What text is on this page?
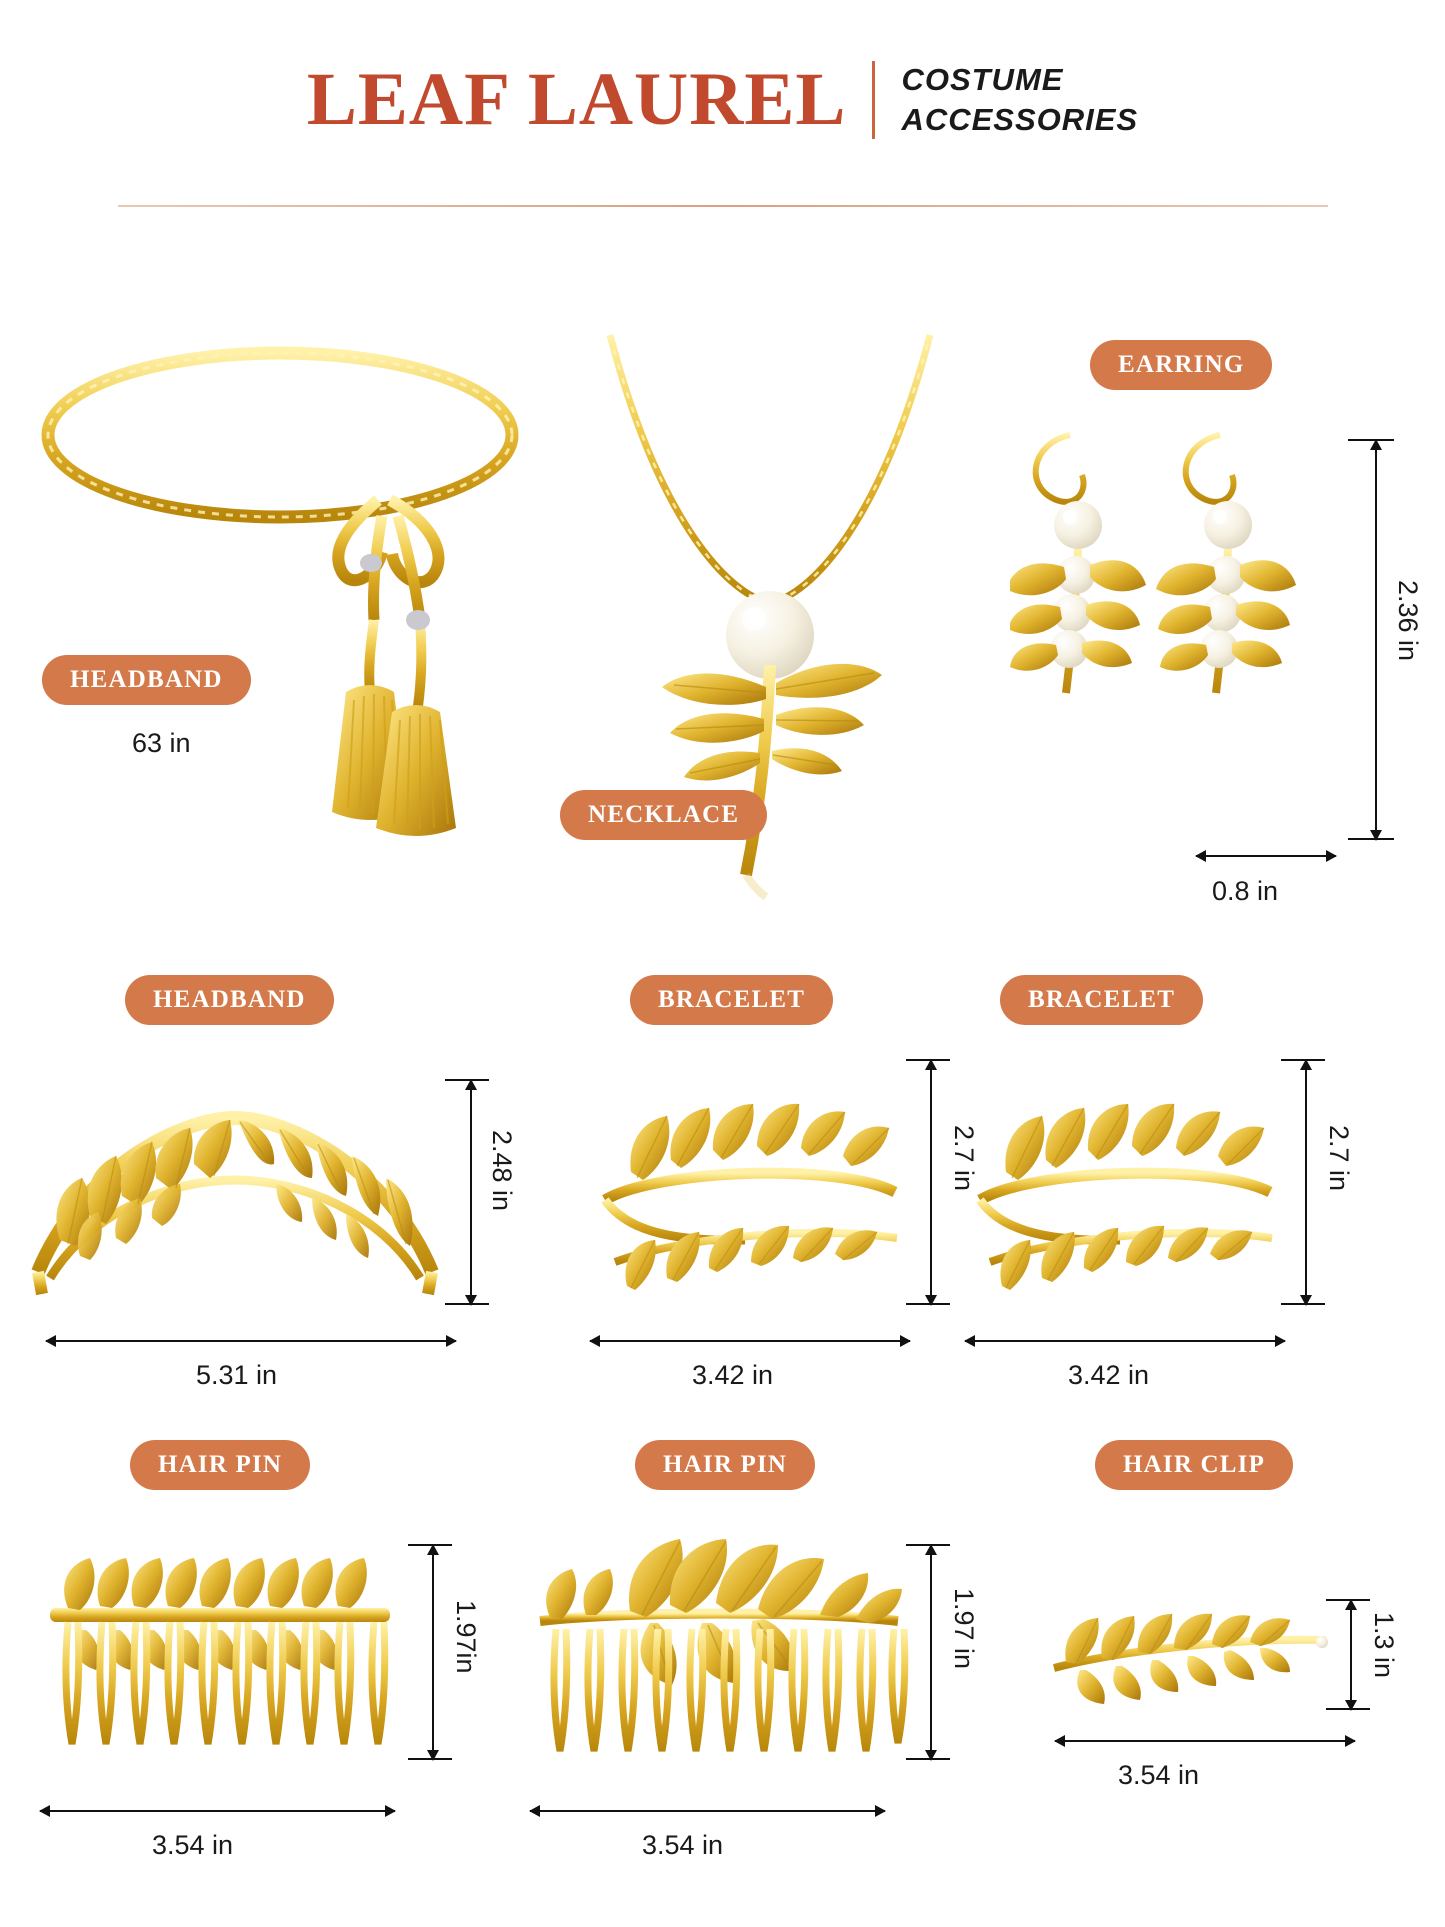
LEAF LAUREL COSTUME
ACCESSORIES
HEADBAND
63 in
NECKLACE
EARRING
2.36 in
0.8 in
HEADBAND
2.48 in
5.31 in
BRACELET
2.7 in
3.42 in
BRACELET
2.7 in
3.42 in
HAIR PIN
1.97in
3.54 in
HAIR PIN
1.97 in
3.54 in
HAIR CLIP
1.3 in
3.54 in
